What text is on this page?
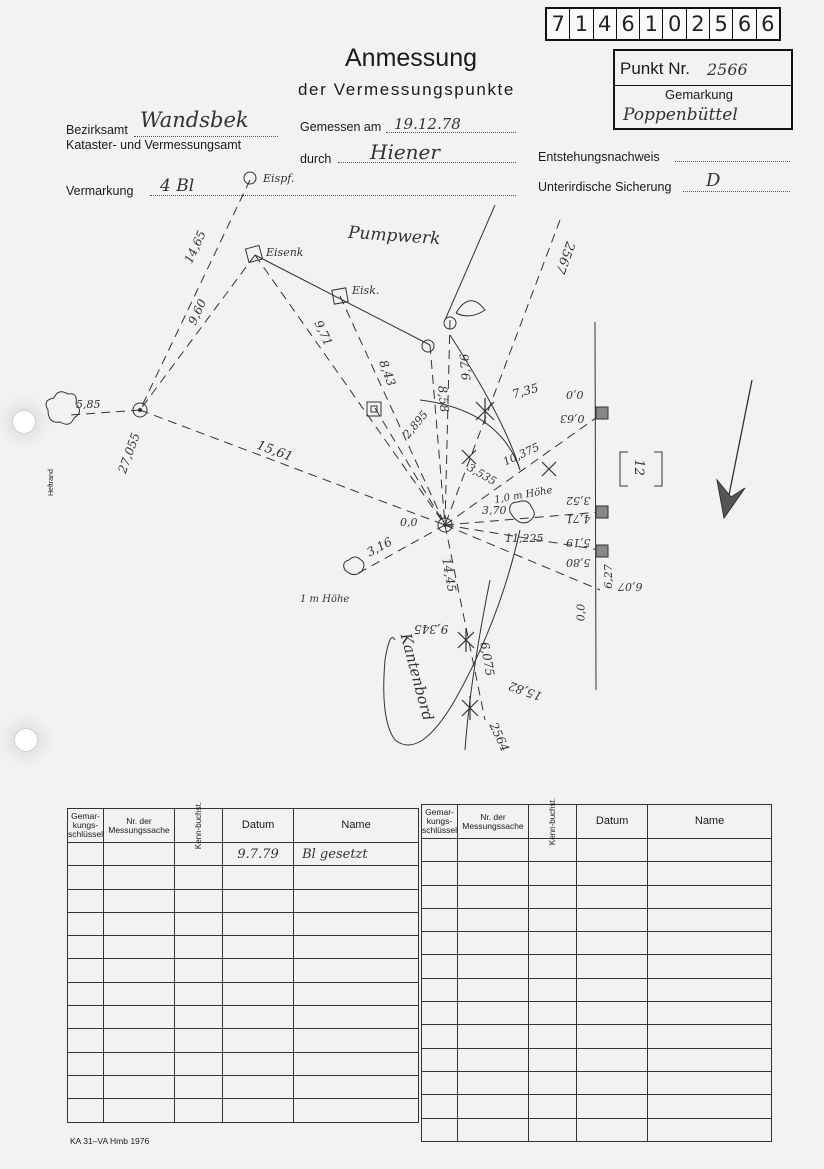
7 1 4 6 1 0 2 5 6 6
Anmessung
der Vermessungspunkte
Punkt Nr. 2566
Gemarkung
Poppenbüttel
Bezirksamt Wandsbek
Kataster- und Vermessungsamt
Gemessen am 19.12.78
durch Hiener	Entstehungsnachweis
Vermarkung 4 Bl	Unterirdische Sicherung D
Heftrand
Eispf.
Eisenk
Pumpwerk
Eisk.
14,65
9,60
9,71
8,43
8,58
9,76
15,61
5,85
27,055
3,16
14,45
6,075
9,345
10,375
11,225
3,535
3,70
2,895
0,0
1,0 m Höhe
7,35 0,0
0,63
3,52
4,71
5,19
5,80
6,27 6,07
0,0
15,82
2564
2567
12
1 m Höhe
Kantenbord
Gemar-kungs-schlüssel	Nr. der Messungssache	Kenn-buchst.	Datum	Name
			9.7.79	Bl gesetzt

Gemar-kungs-schlüssel	Nr. der Messungssache	Kenn-buchst.	Datum	Name

KA 31–VA Hmb 1976
